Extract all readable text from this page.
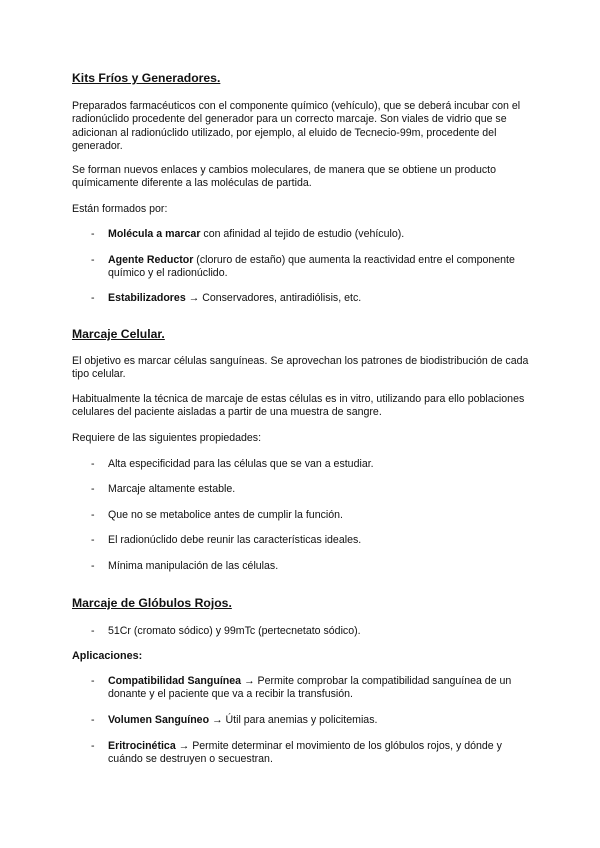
Kits Fríos y Generadores.
Preparados farmacéuticos con el componente químico (vehículo), que se deberá incubar con el radionúclido procedente del generador para un correcto marcaje. Son viales de vidrio que se adicionan al radionúclido utilizado, por ejemplo, al eluido de Tecnecio-99m, procedente del generador.
Se forman nuevos enlaces y cambios moleculares, de manera que se obtiene un producto químicamente diferente a las moléculas de partida.
Están formados por:
- Molécula a marcar con afinidad al tejido de estudio (vehículo).
- Agente Reductor (cloruro de estaño) que aumenta la reactividad entre el componente químico y el radionúclido.
- Estabilizadores → Conservadores, antiradiólisis, etc.
Marcaje Celular.
El objetivo es marcar células sanguíneas. Se aprovechan los patrones de biodistribución de cada tipo celular.
Habitualmente la técnica de marcaje de estas células es in vitro, utilizando para ello poblaciones celulares del paciente aisladas a partir de una muestra de sangre.
Requiere de las siguientes propiedades:
- Alta especificidad para las células que se van a estudiar.
- Marcaje altamente estable.
- Que no se metabolice antes de cumplir la función.
- El radionúclido debe reunir las características ideales.
- Mínima manipulación de las células.
Marcaje de Glóbulos Rojos.
- 51Cr (cromato sódico) y 99mTc (pertecnetato sódico).
Aplicaciones:
- Compatibilidad Sanguínea → Permite comprobar la compatibilidad sanguínea de un donante y el paciente que va a recibir la transfusión.
- Volumen Sanguíneo → Útil para anemias y policitemias.
- Eritrocinética → Permite determinar el movimiento de los glóbulos rojos, y dónde y cuándo se destruyen o secuestran.
